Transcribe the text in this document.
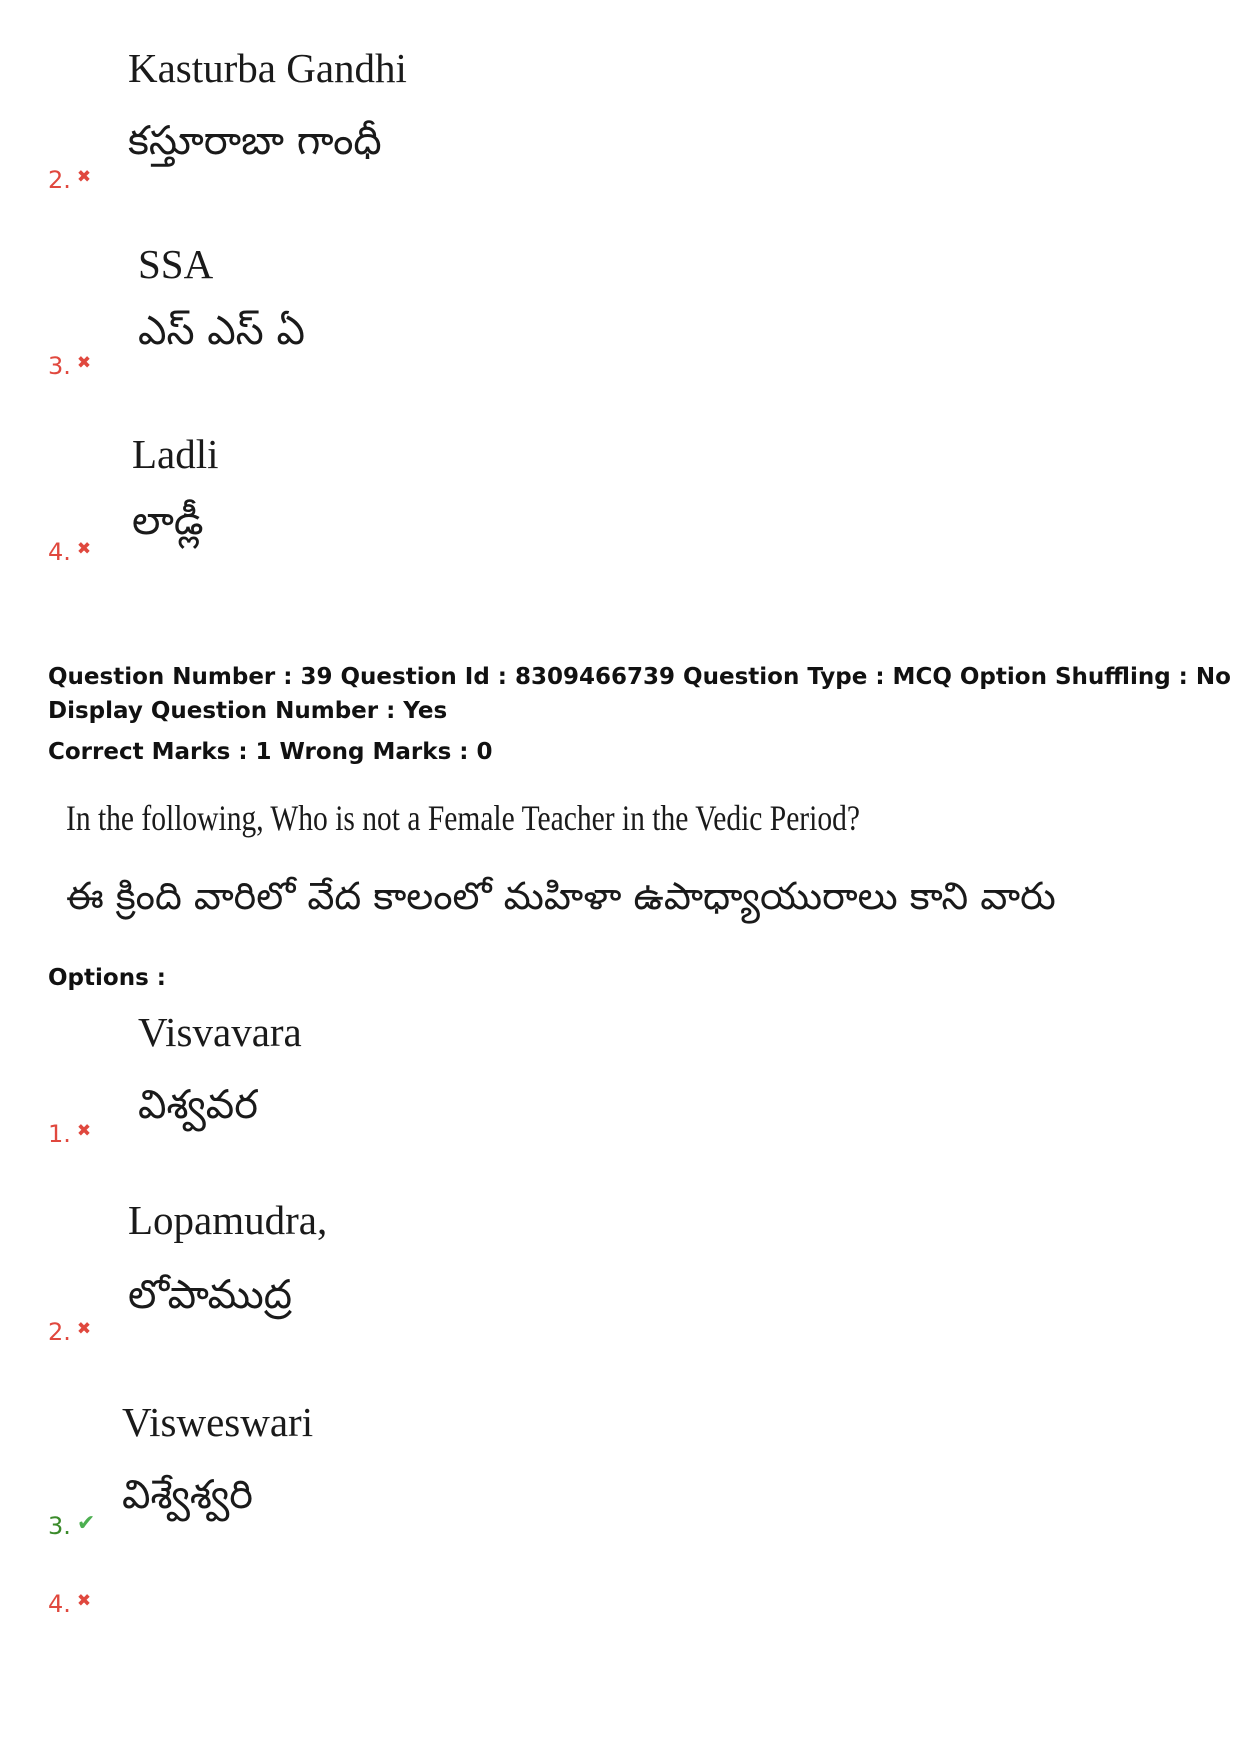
Kasturba Gandhi
కస్తూరాబా గాంధీ
2. ✖
SSA
ఎస్ ఎస్ ఏ
3. ✖
Ladli
లాడ్లీ
4. ✖
Question Number : 39 Question Id : 8309466739 Question Type : MCQ Option Shuffling : No
Display Question Number : Yes
Correct Marks : 1 Wrong Marks : 0
In the following, Who is not a Female Teacher in the Vedic Period?
ఈ క్రింది వారిలో వేద కాలంలో మహిళా ఉపాధ్యాయురాలు కాని వారు
Options :
Visvavara
విశ్వవర
1. ✖
Lopamudra,
లోపాముద్ర
2. ✖
Visweswari
విశ్వేశ్వరి
3. ✔
4. ✖
